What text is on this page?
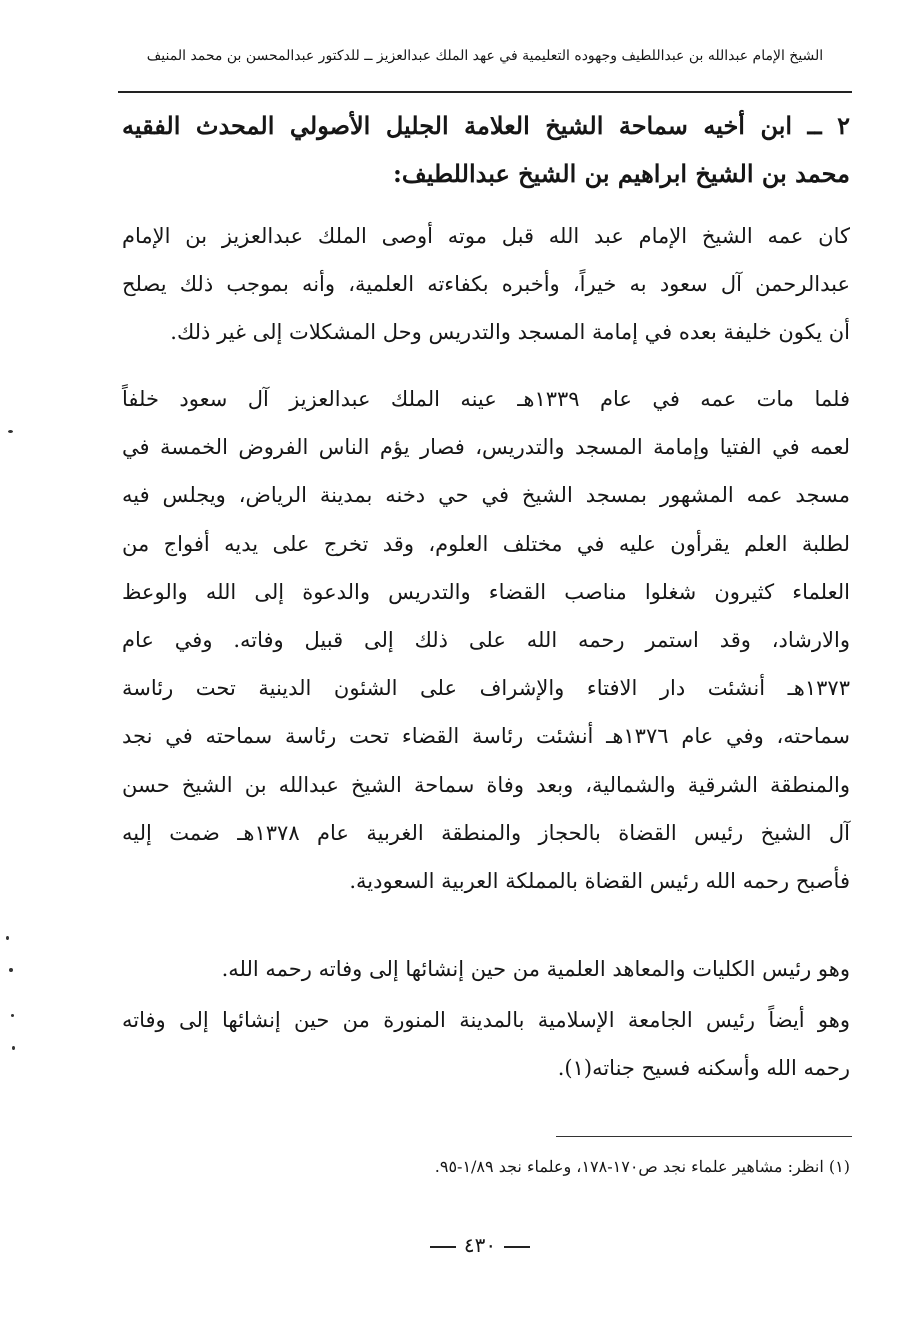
الشيخ الإمام عبدالله بن عبداللطيف وجهوده التعليمية في عهد الملك عبدالعزيز ــ للدكتور عبدالمحسن بن محمد المنيف
٢ ــ ابن أخيه سماحة الشيخ العلامة الجليل الأصولي المحدث الفقيه
محمد بن الشيخ ابراهيم بن الشيخ عبداللطيف:
كان عمه الشيخ الإمام عبد الله قبل موته أوصى الملك عبدالعزيز بن الإمام
عبدالرحمن آل سعود به خيراً، وأخبره بكفاءته العلمية، وأنه بموجب ذلك يصلح
أن يكون خليفة بعده في إمامة المسجد والتدريس وحل المشكلات إلى غير ذلك.
فلما مات عمه في عام ١٣٣٩هـ عينه الملك عبدالعزيز آل سعود خلفاً
لعمه في الفتيا وإمامة المسجد والتدريس، فصار يؤم الناس الفروض الخمسة في
مسجد عمه المشهور بمسجد الشيخ في حي دخنه بمدينة الرياض، ويجلس فيه
لطلبة العلم يقرأون عليه في مختلف العلوم، وقد تخرج على يديه أفواج من
العلماء كثيرون شغلوا مناصب القضاء والتدريس والدعوة إلى الله والوعظ
والارشاد، وقد استمر رحمه الله على ذلك إلى قبيل وفاته. وفي عام
١٣٧٣هـ أنشئت دار الافتاء والإشراف على الشئون الدينية تحت رئاسة
سماحته، وفي عام ١٣٧٦هـ أنشئت رئاسة القضاء تحت رئاسة سماحته في نجد
والمنطقة الشرقية والشمالية، وبعد وفاة سماحة الشيخ عبدالله بن الشيخ حسن
آل الشيخ رئيس القضاة بالحجاز والمنطقة الغربية عام ١٣٧٨هـ ضمت إليه
فأصبح رحمه الله رئيس القضاة بالمملكة العربية السعودية.
وهو رئيس الكليات والمعاهد العلمية من حين إنشائها إلى وفاته رحمه الله.
وهو أيضاً رئيس الجامعة الإسلامية بالمدينة المنورة من حين إنشائها إلى وفاته
رحمه الله وأسكنه فسيح جناته(١).
(١) انظر: مشاهير علماء نجد ص١٧٠-١٧٨، وعلماء نجد ١/٨٩-٩٥.
٤٣٠
